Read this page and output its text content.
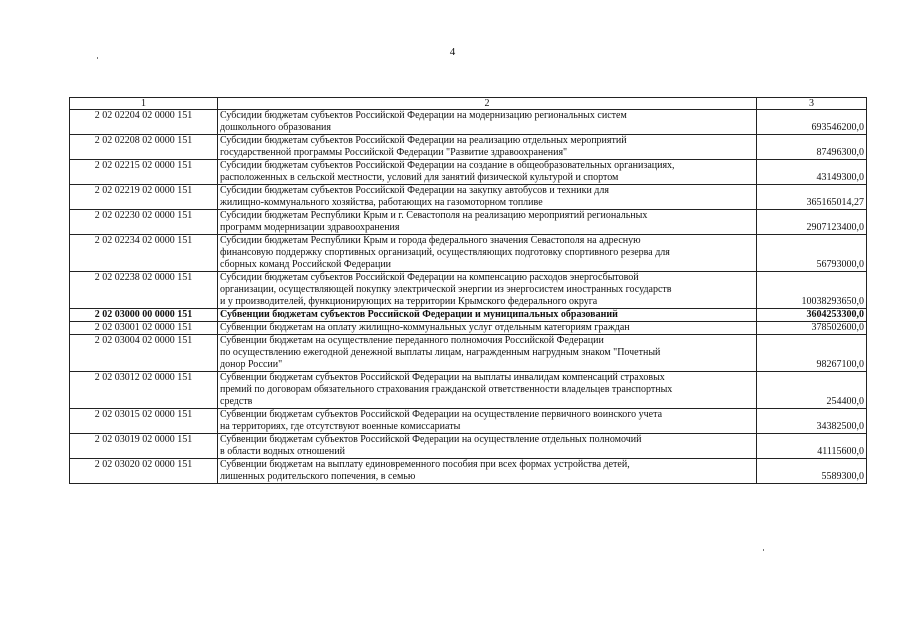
4
1	2	3
2 02 02204 02 0000 151	Субсидии бюджетам субъектов Российской Федерации на модернизацию региональных систем
дошкольного образования	693546200,0
2 02 02208 02 0000 151	Субсидии бюджетам субъектов Российской Федерации на реализацию отдельных мероприятий
государственной программы Российской Федерации "Развитие здравоохранения"	87496300,0
2 02 02215 02 0000 151	Субсидии бюджетам субъектов Российской Федерации на создание в общеобразовательных организациях,
расположенных в сельской местности, условий для занятий физической культурой и спортом	43149300,0
2 02 02219 02 0000 151	Субсидии бюджетам субъектов Российской Федерации на закупку автобусов и техники для
жилищно-коммунального хозяйства, работающих на газомоторном топливе	365165014,27
2 02 02230 02 0000 151	Субсидии бюджетам Республики Крым и г. Севастополя на реализацию мероприятий региональных
программ модернизации здравоохранения	2907123400,0
2 02 02234 02 0000 151	Субсидии бюджетам Республики Крым и города федерального значения Севастополя на адресную
финансовую поддержку спортивных организаций, осуществляющих подготовку спортивного резерва для
сборных команд Российской Федерации	56793000,0
2 02 02238 02 0000 151	Субсидии бюджетам субъектов Российской Федерации на компенсацию расходов энергосбытовой
организации, осуществляющей покупку электрической энергии из энергосистем иностранных государств
и у производителей, функционирующих на территории Крымского федерального округа	10038293650,0
2 02 03000 00 0000 151	Субвенции бюджетам субъектов Российской Федерации и муниципальных образований	3604253300,0
2 02 03001 02 0000 151	Субвенции бюджетам на оплату жилищно-коммунальных услуг отдельным категориям граждан	378502600,0
2 02 03004 02 0000 151	Субвенции бюджетам на осуществление переданного полномочия Российской Федерации
по осуществлению ежегодной денежной выплаты лицам, награжденным нагрудным знаком "Почетный
донор России"	98267100,0
2 02 03012 02 0000 151	Субвенции бюджетам субъектов Российской Федерации на выплаты инвалидам компенсаций страховых
премий по договорам обязательного страхования гражданской ответственности владельцев транспортных
средств	254400,0
2 02 03015 02 0000 151	Субвенции бюджетам субъектов Российской Федерации на осуществление первичного воинского учета
на территориях, где отсутствуют военные комиссариаты	34382500,0
2 02 03019 02 0000 151	Субвенции бюджетам субъектов Российской Федерации на осуществление отдельных полномочий
в области водных отношений	41115600,0
2 02 03020 02 0000 151	Субвенции бюджетам на выплату единовременного пособия при всех формах устройства детей,
лишенных родительского попечения, в семью	5589300,0
